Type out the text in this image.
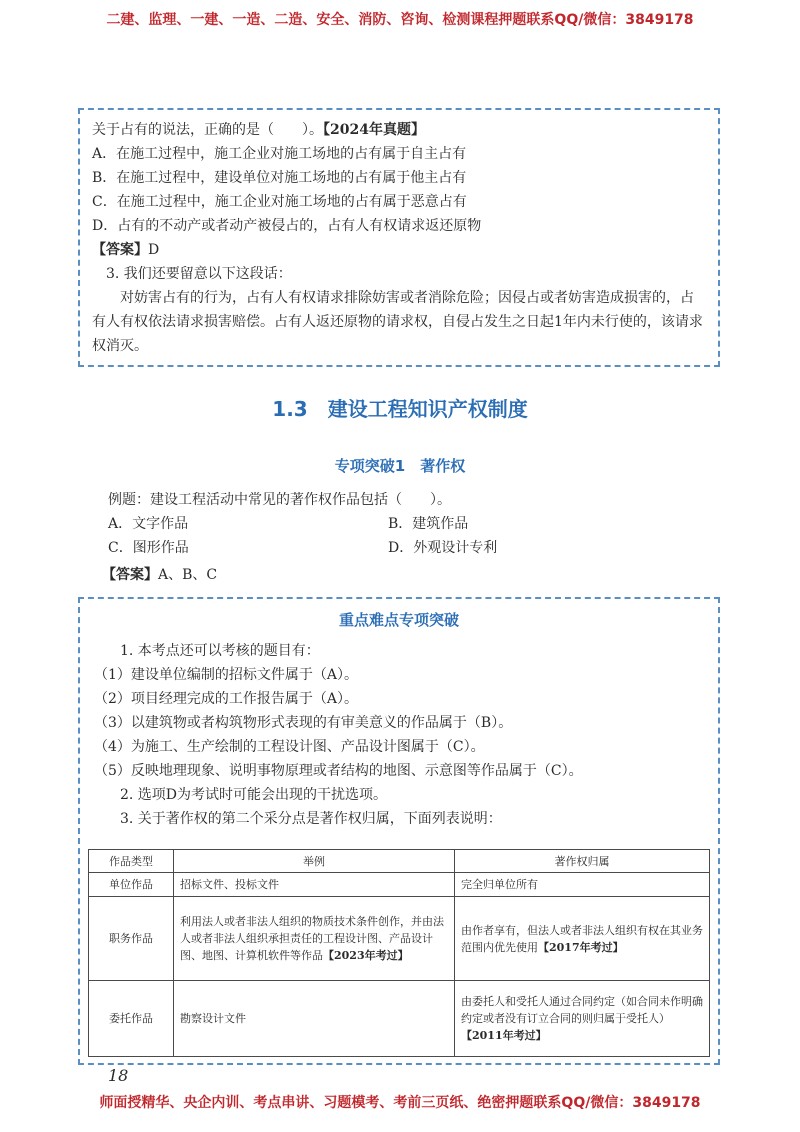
二建、监理、一建、一造、二造、安全、消防、咨询、检测课程押题联系QQ/微信：3849178

关于占有的说法，正确的是（　　）。【2024年真题】

A．在施工过程中，施工企业对施工场地的占有属于自主占有

B．在施工过程中，建设单位对施工场地的占有属于他主占有

C．在施工过程中，施工企业对施工场地的占有属于恶意占有

D．占有的不动产或者动产被侵占的，占有人有权请求返还原物

【答案】D

3. 我们还要留意以下这段话：

对妨害占有的行为，占有人有权请求排除妨害或者消除危险；因侵占或者妨害造成损害的，占有人有权依法请求损害赔偿。占有人返还原物的请求权，自侵占发生之日起1年内未行使的，该请求权消灭。

1.3　建设工程知识产权制度
专项突破1　著作权

例题：建设工程活动中常见的著作权作品包括（　　）。

A．文字作品	B．建筑作品

C．图形作品	D．外观设计专利

【答案】A、B、C

重点难点专项突破

1. 本考点还可以考核的题目有：

（1）建设单位编制的招标文件属于（A）。

（2）项目经理完成的工作报告属于（A）。

（3）以建筑物或者构筑物形式表现的有审美意义的作品属于（B）。

（4）为施工、生产绘制的工程设计图、产品设计图属于（C）。

（5）反映地理现象、说明事物原理或者结构的地图、示意图等作品属于（C）。

2. 选项D为考试时可能会出现的干扰选项。

3. 关于著作权的第二个采分点是著作权归属，下面列表说明：

作品类型	举例	著作权归属
单位作品	招标文件、投标文件	完全归单位所有
职务作品	利用法人或者非法人组织的物质技术条件创作，并由法人或者非法人组织承担责任的工程设计图、产品设计图、地图、计算机软件等作品【2023年考过】	由作者享有，但法人或者非法人组织有权在其业务范围内优先使用【2017年考过】
委托作品	勘察设计文件	由委托人和受托人通过合同约定（如合同未作明确约定或者没有订立合同的则归属于受托人）【2011年考过】
18
师面授精华、央企内训、考点串讲、习题模考、考前三页纸、绝密押题联系QQ/微信：3849178
